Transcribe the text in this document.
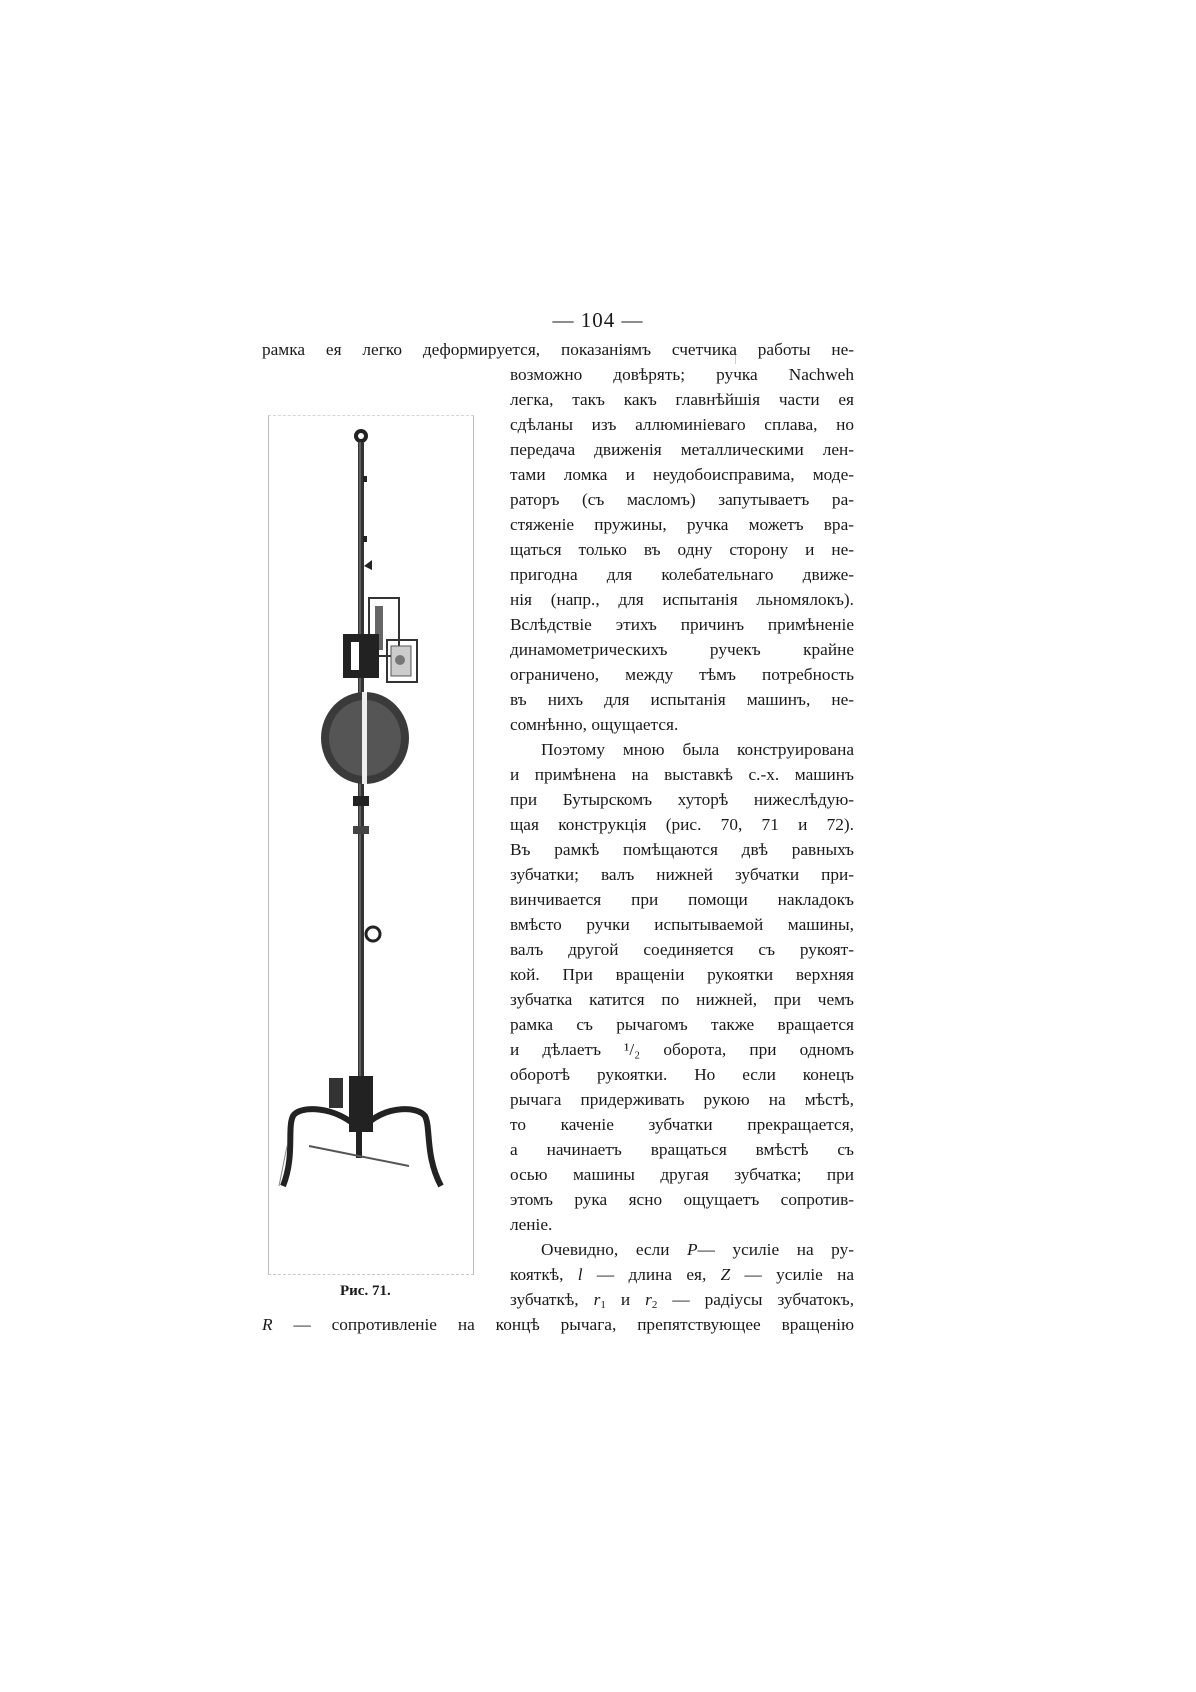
— 104 —
Рис. 71.
рамка ея легко деформируется, показаніямъ счетчика работы не-
возможно довѣрять; ручка Nachweh
легка, такъ какъ главнѣйшія части ея
сдѣланы изъ аллюминіеваго сплава, но
передача движенія металлическими лен-
тами ломка и неудобоисправима, моде-
раторъ (съ масломъ) запутываетъ ра-
стяженіе пружины, ручка можетъ вра-
щаться только въ одну сторону и не-
пригодна для колебательнаго движе-
нія (напр., для испытанія льномялокъ).
Вслѣдствіе этихъ причинъ примѣненіе
динамометрическихъ ручекъ крайне
ограничено, между тѣмъ потребность
въ нихъ для испытанія машинъ, не-
сомнѣнно, ощущается.
Поэтому мною была конструирована
и примѣнена на выставкѣ с.-х. машинъ
при Бутырскомъ хуторѣ нижеслѣдую-
щая конструкція (рис. 70, 71 и 72).
Въ рамкѣ помѣщаются двѣ равныхъ
зубчатки; валъ нижней зубчатки при-
винчивается при помощи накладокъ
вмѣсто ручки испытываемой машины,
валъ другой соединяется съ рукоят-
кой. При вращеніи рукоятки верхняя
зубчатка катится по нижней, при чемъ
рамка съ рычагомъ также вращается
и дѣлаетъ ¹/₂ оборота, при одномъ
оборотѣ рукоятки. Но если конецъ
рычага придерживать рукою на мѣстѣ,
то каченіе зубчатки прекращается,
а начинаетъ вращаться вмѣстѣ съ
осью машины другая зубчатка; при
этомъ рука ясно ощущаетъ сопротив-
леніе.
Очевидно, если P— усиліе на ру-
кояткѣ, l — длина ея, Z — усиліе на
зубчаткѣ, $r_1$ и $r_2$ — радіусы зубчатокъ,
R — сопротивленіе на концѣ рычага, препятствующее вращенію
